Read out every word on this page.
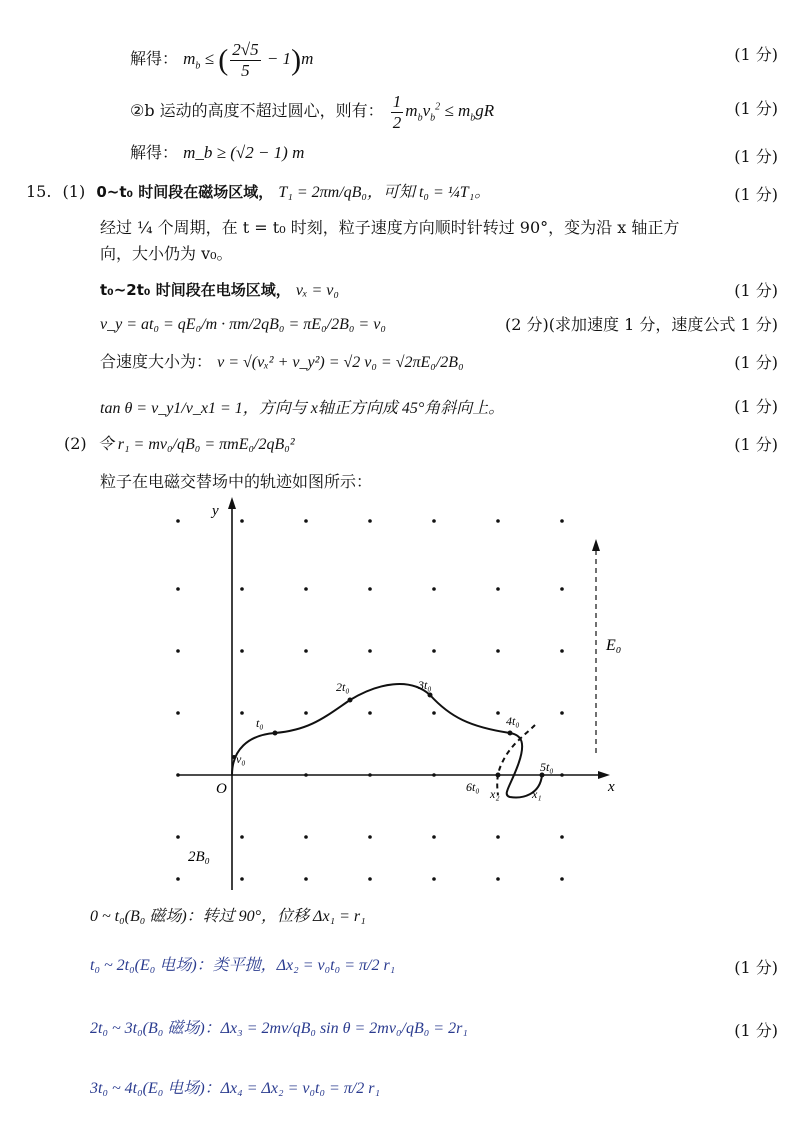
解得： $m_b$ ≤ ( $\frac{2√5}{5} - 1)m$	(1 分)
②b 运动的高度不超过圆心，则有： $\frac{1}{2} m_bv_b^2 \le m_bgR$	(1 分)
解得： m_b ≥ (√2 − 1) m	(1 分)
15. (1) 0~t₀ 时间段在磁场区域， T₁ = 2πm/qB₀，可知 t₀ = ¼T₁。	(1 分)
经过 ¼ 个周期，在 t = t₀ 时刻，粒子速度方向顺时针转过 90°，变为沿 x 轴正方
向，大小仍为 v₀。
t₀~2t₀ 时间段在电场区域， vₓ = v₀	(1 分)
v_y = at₀ = qE₀/m · πm/2qB₀ = πE₀/2B₀ = v₀	(2 分)(求加速度 1 分，速度公式 1 分)
合速度大小为： v = √(vₓ² + v_y²) = √2 v₀ = √2πE₀/2B₀	(1 分)
tan θ = v_y1/v_x1 = 1，方向与 x轴正方向成 45°角斜向上。	(1 分)
(2) 令 r₁ = mv₀/qB₀ = πmE₀/2qB₀²	(1 分)
粒子在电磁交替场中的轨迹如图所示：
y
x
O
E₀
2B₀
v₀
t₀
2t₀	3t₀
4t₀
5t₀
6t₀ x₂	x₁
0 ~ t₀(B₀ 磁场)：转过 90°，位移 Δx₁ = r₁
t₀ ~ 2t₀(E₀ 电场)：类平抛，Δx₂ = v₀t₀ = π/2 r₁	(1 分)
2t₀ ~ 3t₀(B₀ 磁场)：Δx₃ = 2mv/qB₀ sin θ = 2mv₀/qB₀ = 2r₁	(1 分)
3t₀ ~ 4t₀(E₀ 电场)：Δx₄ = Δx₂ = v₀t₀ = π/2 r₁
